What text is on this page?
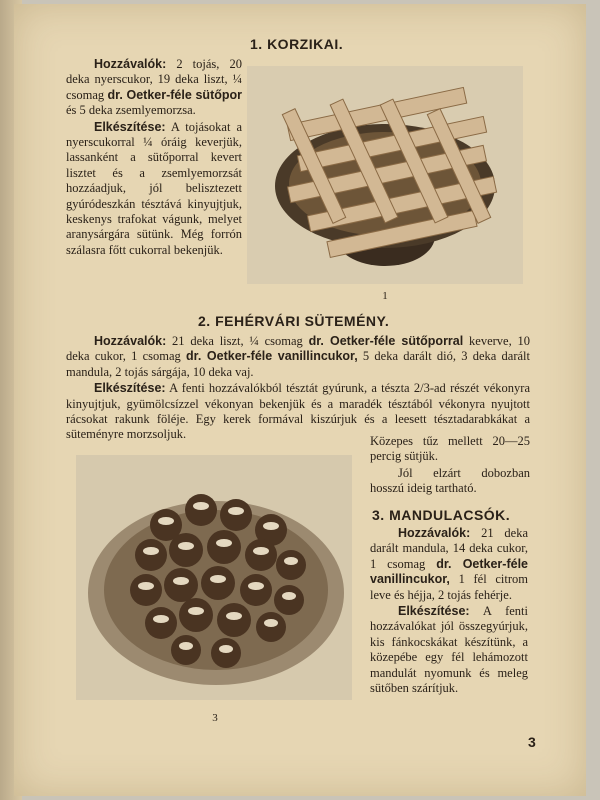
1. KORZIKAI.

Hozzávalók: 2 tojás, 20 deka nyerscukor, 19 deka liszt, ¼ csomag dr. Oetker-féle sütőpor és 5 deka zsemlyemorzsa.

Elkészítése: A tojásokat a nyerscukorral ¼ óráig keverjük, lassanként a sütőporral kevert lisztet és a zsemlyemorzsát hozzáadjuk, jól belisztezett gyúródeszkán tésztává kinyujtjuk, keskenys trafokat vágunk, melyet aranysárgára sütünk. Még forrón szálasra főtt cukorral bekenjük.

1
2. FEHÉRVÁRI SÜTEMÉNY.

Hozzávalók: 21 deka liszt, ¼ csomag dr. Oetker-féle sütőporral keverve, 10 deka cukor, 1 csomag dr. Oetker-féle vanillincukor, 5 deka darált dió, 3 deka darált mandula, 2 tojás sárgája, 10 deka vaj.

Elkészítése: A fenti hozzávalókból tésztát gyúrunk, a tészta 2/3-ad részét vékonyra kinyujtjuk, gyümölcsízzel vékonyan bekenjük és a maradék tésztából vékonyra nyujtott rácsokat rakunk föléje. Egy kerek formával kiszúrjuk és a leesett tésztadarabkákat a süteményre morzsoljuk.	Közepes tűz mellett 20—25 percig sütjük.

Jól elzárt dobozban hosszú ideig tartható.

3
3. MANDULACSÓK.

Hozzávalók: 21 deka darált mandula, 14 deka cukor, 1 csomag dr. Oetker-féle vanillincukor, 1 fél citrom leve és héjja, 2 tojás fehérje.

Elkészítése: A fenti hozzávalókat jól összegyúrjuk, kis fánkocskákat készítünk, a közepébe egy fél lehámozott mandulát nyomunk és meleg sütőben szárítjuk.

3
